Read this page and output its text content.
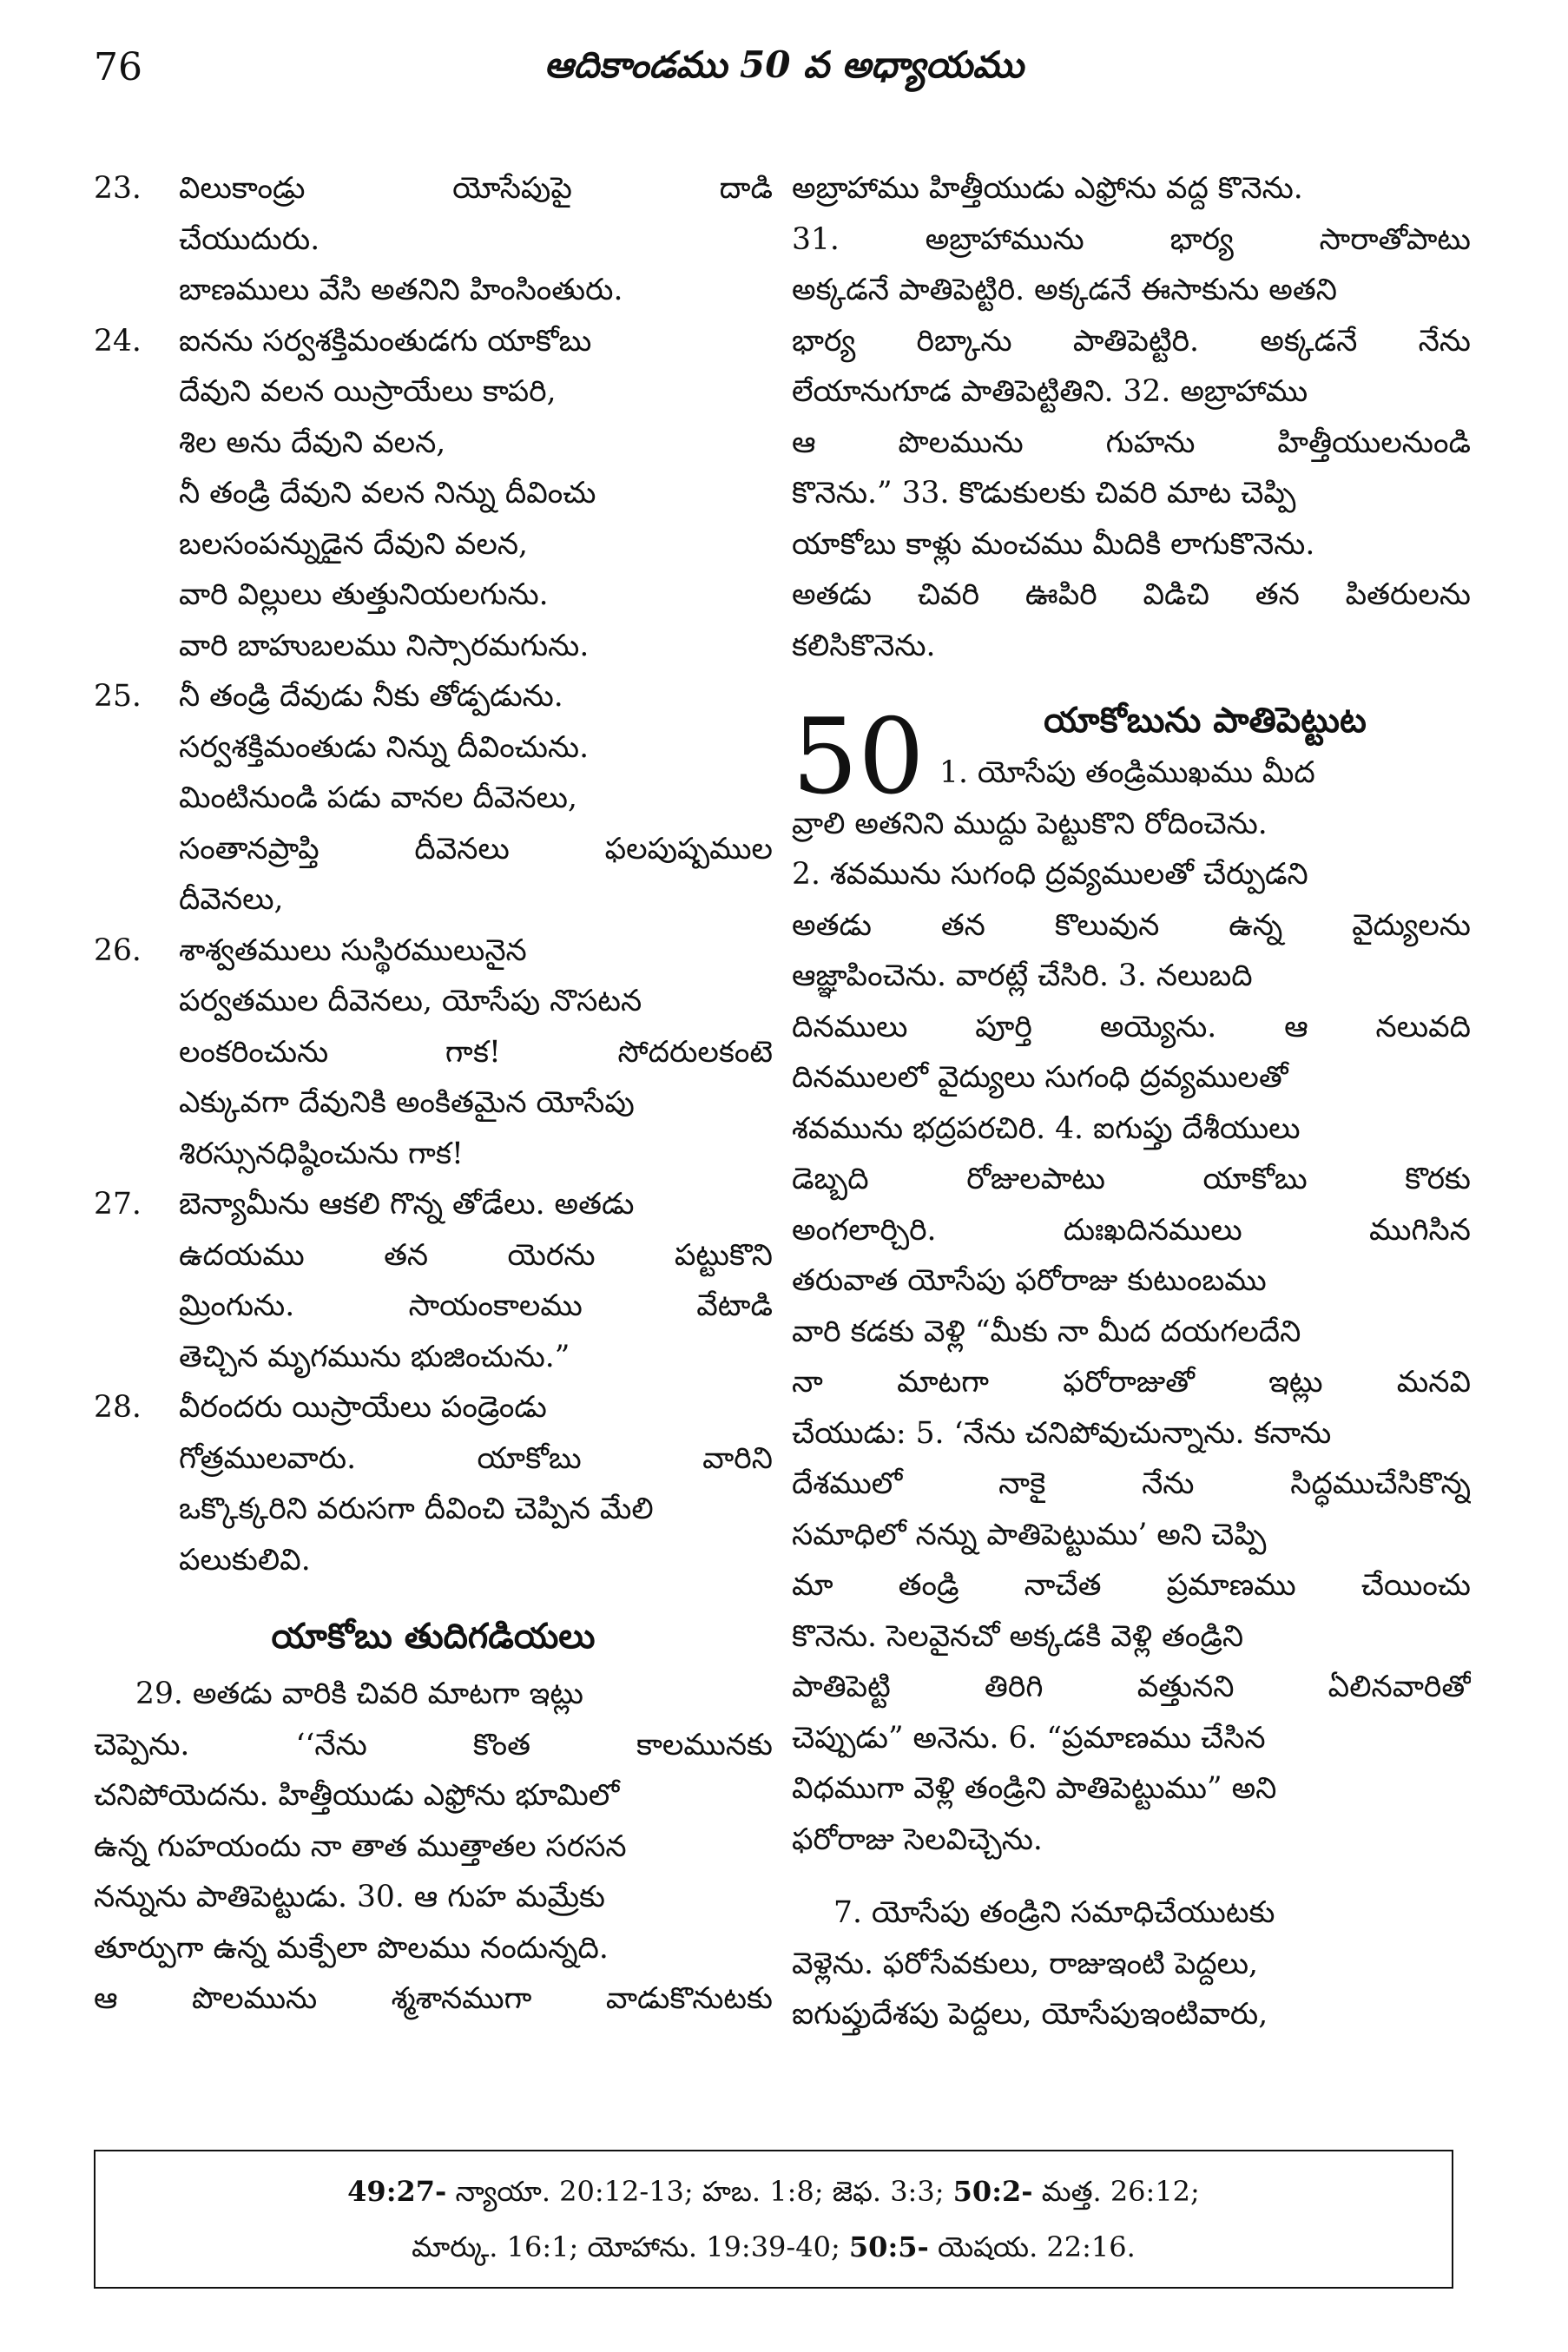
76	ఆదికాండము 50 వ అధ్యాయము
23. విలుకాండ్రు యోసేపుపై దాడి
చేయుదురు.
బాణములు వేసి అతనిని హింసింతురు.
24. ఐనను సర్వశక్తిమంతుడగు యాకోబు
దేవుని వలన యిస్రాయేలు కాపరి,
శిల అను దేవుని వలన,
నీ తండ్రి దేవుని వలన నిన్ను దీవించు
బలసంపన్నుడైన దేవుని వలన,
వారి విల్లులు తుత్తునియలగును.
వారి బాహుబలము నిస్సారమగును.
25. నీ తండ్రి దేవుడు నీకు తోడ్పడును.
సర్వశక్తిమంతుడు నిన్ను దీవించును.
మింటినుండి పడు వానల దీవెనలు,
సంతానప్రాప్తి దీవెనలు ఫలపుష్పముల
దీవెనలు,
26. శాశ్వతములు సుస్థిరములునైన
పర్వతముల దీవెనలు, యోసేపు నొసటన
లంకరించును గాక! సోదరులకంటె
ఎక్కువగా దేవునికి అంకితమైన యోసేపు
శిరస్సునధిష్ఠించును గాక!
27. బెన్యామీను ఆకలి గొన్న తోడేలు. అతడు
ఉదయము తన యెరను పట్టుకొని
మ్రింగును. సాయంకాలము వేటాడి
తెచ్చిన మృగమును భుజించును.”
28. వీరందరు యిస్రాయేలు పండ్రెండు
గోత్రములవారు. యాకోబు వారిని
ఒక్కొక్కరిని వరుసగా దీవించి చెప్పిన మేలి
పలుకులివి.
యాకోబు తుదిగడియలు
29. అతడు వారికి చివరి మాటగా ఇట్లు
చెప్పెను. ‘‘నేను కొంత కాలమునకు
చనిపోయెదను. హిత్తీయుడు ఎఫ్రోను భూమిలో
ఉన్న గుహయందు నా తాత ముత్తాతల సరసన
నన్నును పాతిపెట్టుడు. 30. ఆ గుహ మమ్రేకు
తూర్పుగా ఉన్న మక్పేలా పొలము నందున్నది.
ఆ పొలమును శ్మశానముగా వాడుకొనుటకు
అబ్రాహాము హిత్తీయుడు ఎఫ్రోను వద్ద కొనెను.
31. అబ్రాహామును భార్య సారాతోపాటు
అక్కడనే పాతిపెట్టిరి. అక్కడనే ఈసాకును అతని
భార్య రిబ్కాను పాతిపెట్టిరి. అక్కడనే నేను
లేయానుగూడ పాతిపెట్టితిని. 32. అబ్రాహాము
ఆ పొలమును గుహను హిత్తీయులనుండి
కొనెను.” 33. కొడుకులకు చివరి మాట చెప్పి
యాకోబు కాళ్లు మంచము మీదికి లాగుకొనెను.
అతడు చివరి ఊపిరి విడిచి తన పితరులను
కలిసికొనెను.
50	యాకోబును పాతిపెట్టుట
1. యోసేపు తండ్రిముఖము మీద
వ్రాలి అతనిని ముద్దు పెట్టుకొని రోదించెను.
2. శవమును సుగంధి ద్రవ్యములతో చేర్పుడని
అతడు తన కొలువున ఉన్న వైద్యులను
ఆజ్ఞాపించెను. వారట్లే చేసిరి. 3. నలుబది
దినములు పూర్తి అయ్యెను. ఆ నలువది
దినములలో వైద్యులు సుగంధి ద్రవ్యములతో
శవమును భద్రపరచిరి. 4. ఐగుప్తు దేశీయులు
డెబ్బది రోజులపాటు యాకోబు కొరకు
అంగలార్చిరి. దుఃఖదినములు ముగిసిన
తరువాత యోసేపు ఫరోరాజు కుటుంబము
వారి కడకు వెళ్లి “మీకు నా మీద దయగలదేని
నా మాటగా ఫరోరాజుతో ఇట్లు మనవి
చేయుడు: 5. ‘నేను చనిపోవుచున్నాను. కనాను
దేశములో నాకై నేను సిద్ధముచేసికొన్న
సమాధిలో నన్ను పాతిపెట్టుము’ అని చెప్పి
మా తండ్రి నాచేత ప్రమాణము చేయించు
కొనెను. సెలవైనచో అక్కడకి వెళ్లి తండ్రిని
పాతిపెట్టి తిరిగి వత్తునని ఏలినవారితో
చెప్పుడు” అనెను. 6. “ప్రమాణము చేసిన
విధముగా వెళ్లి తండ్రిని పాతిపెట్టుము” అని
ఫరోరాజు సెలవిచ్చెను.
7. యోసేపు తండ్రిని సమాధిచేయుటకు
వెళ్లెను. ఫరోసేవకులు, రాజుఇంటి పెద్దలు,
ఐగుప్తుదేశపు పెద్దలు, యోసేపుఇంటివారు,
49:27- న్యాయా. 20:12-13; హబ. 1:8; జెఫ. 3:3; 50:2- మత్త. 26:12;
మార్కు. 16:1; యోహాను. 19:39-40; 50:5- యెషయ. 22:16.
